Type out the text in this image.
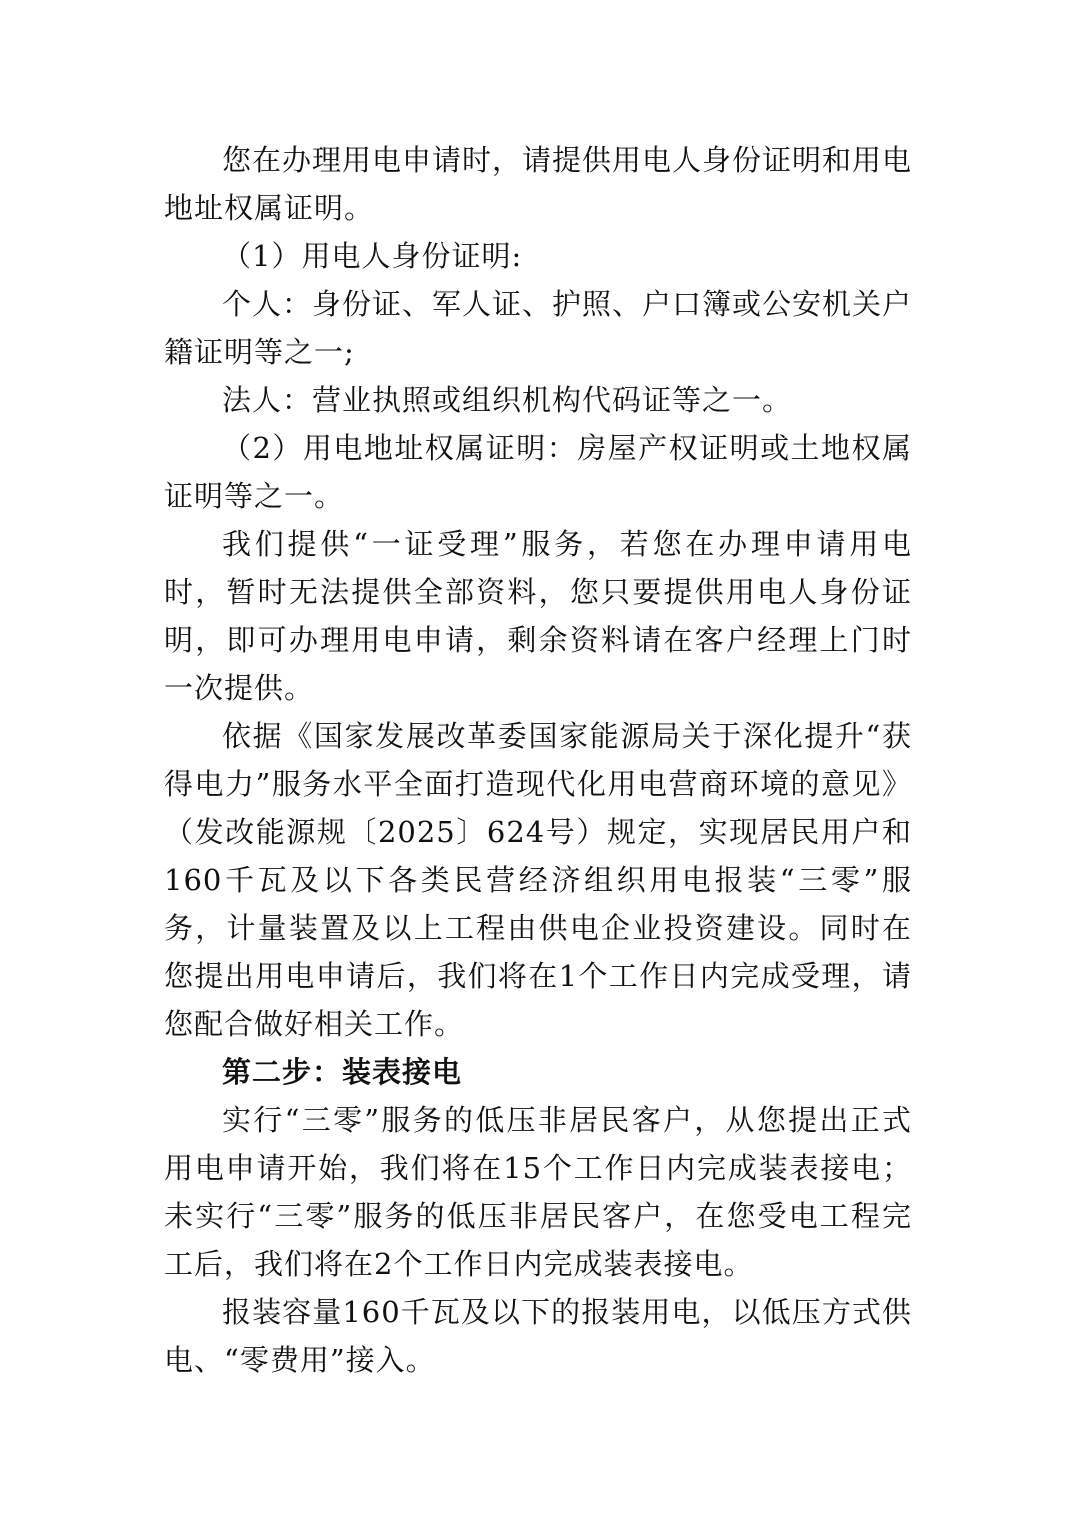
您在办理用电申请时，请提供用电人身份证明和用电地址权属证明。

（1）用电人身份证明:

个人：身份证、军人证、护照、户口簿或公安机关户籍证明等之一;

法人：营业执照或组织机构代码证等之一。

（2）用电地址权属证明：房屋产权证明或土地权属证明等之一。

我们提供“一证受理”服务，若您在办理申请用电时，暂时无法提供全部资料，您只要提供用电人身份证明，即可办理用电申请，剩余资料请在客户经理上门时一次提供。

依据《国家发展改革委国家能源局关于深化提升“获得电力”服务水平全面打造现代化用电营商环境的意见》（发改能源规〔2025〕624号）规定，实现居民用户和160千瓦及以下各类民营经济组织用电报装“三零”服务，计量装置及以上工程由供电企业投资建设。同时在您提出用电申请后，我们将在1个工作日内完成受理，请您配合做好相关工作。

第二步：装表接电

实行“三零”服务的低压非居民客户，从您提出正式用电申请开始，我们将在15个工作日内完成装表接电；未实行“三零”服务的低压非居民客户，在您受电工程完工后，我们将在2个工作日内完成装表接电。

报装容量160千瓦及以下的报装用电，以低压方式供电、“零费用”接入。
